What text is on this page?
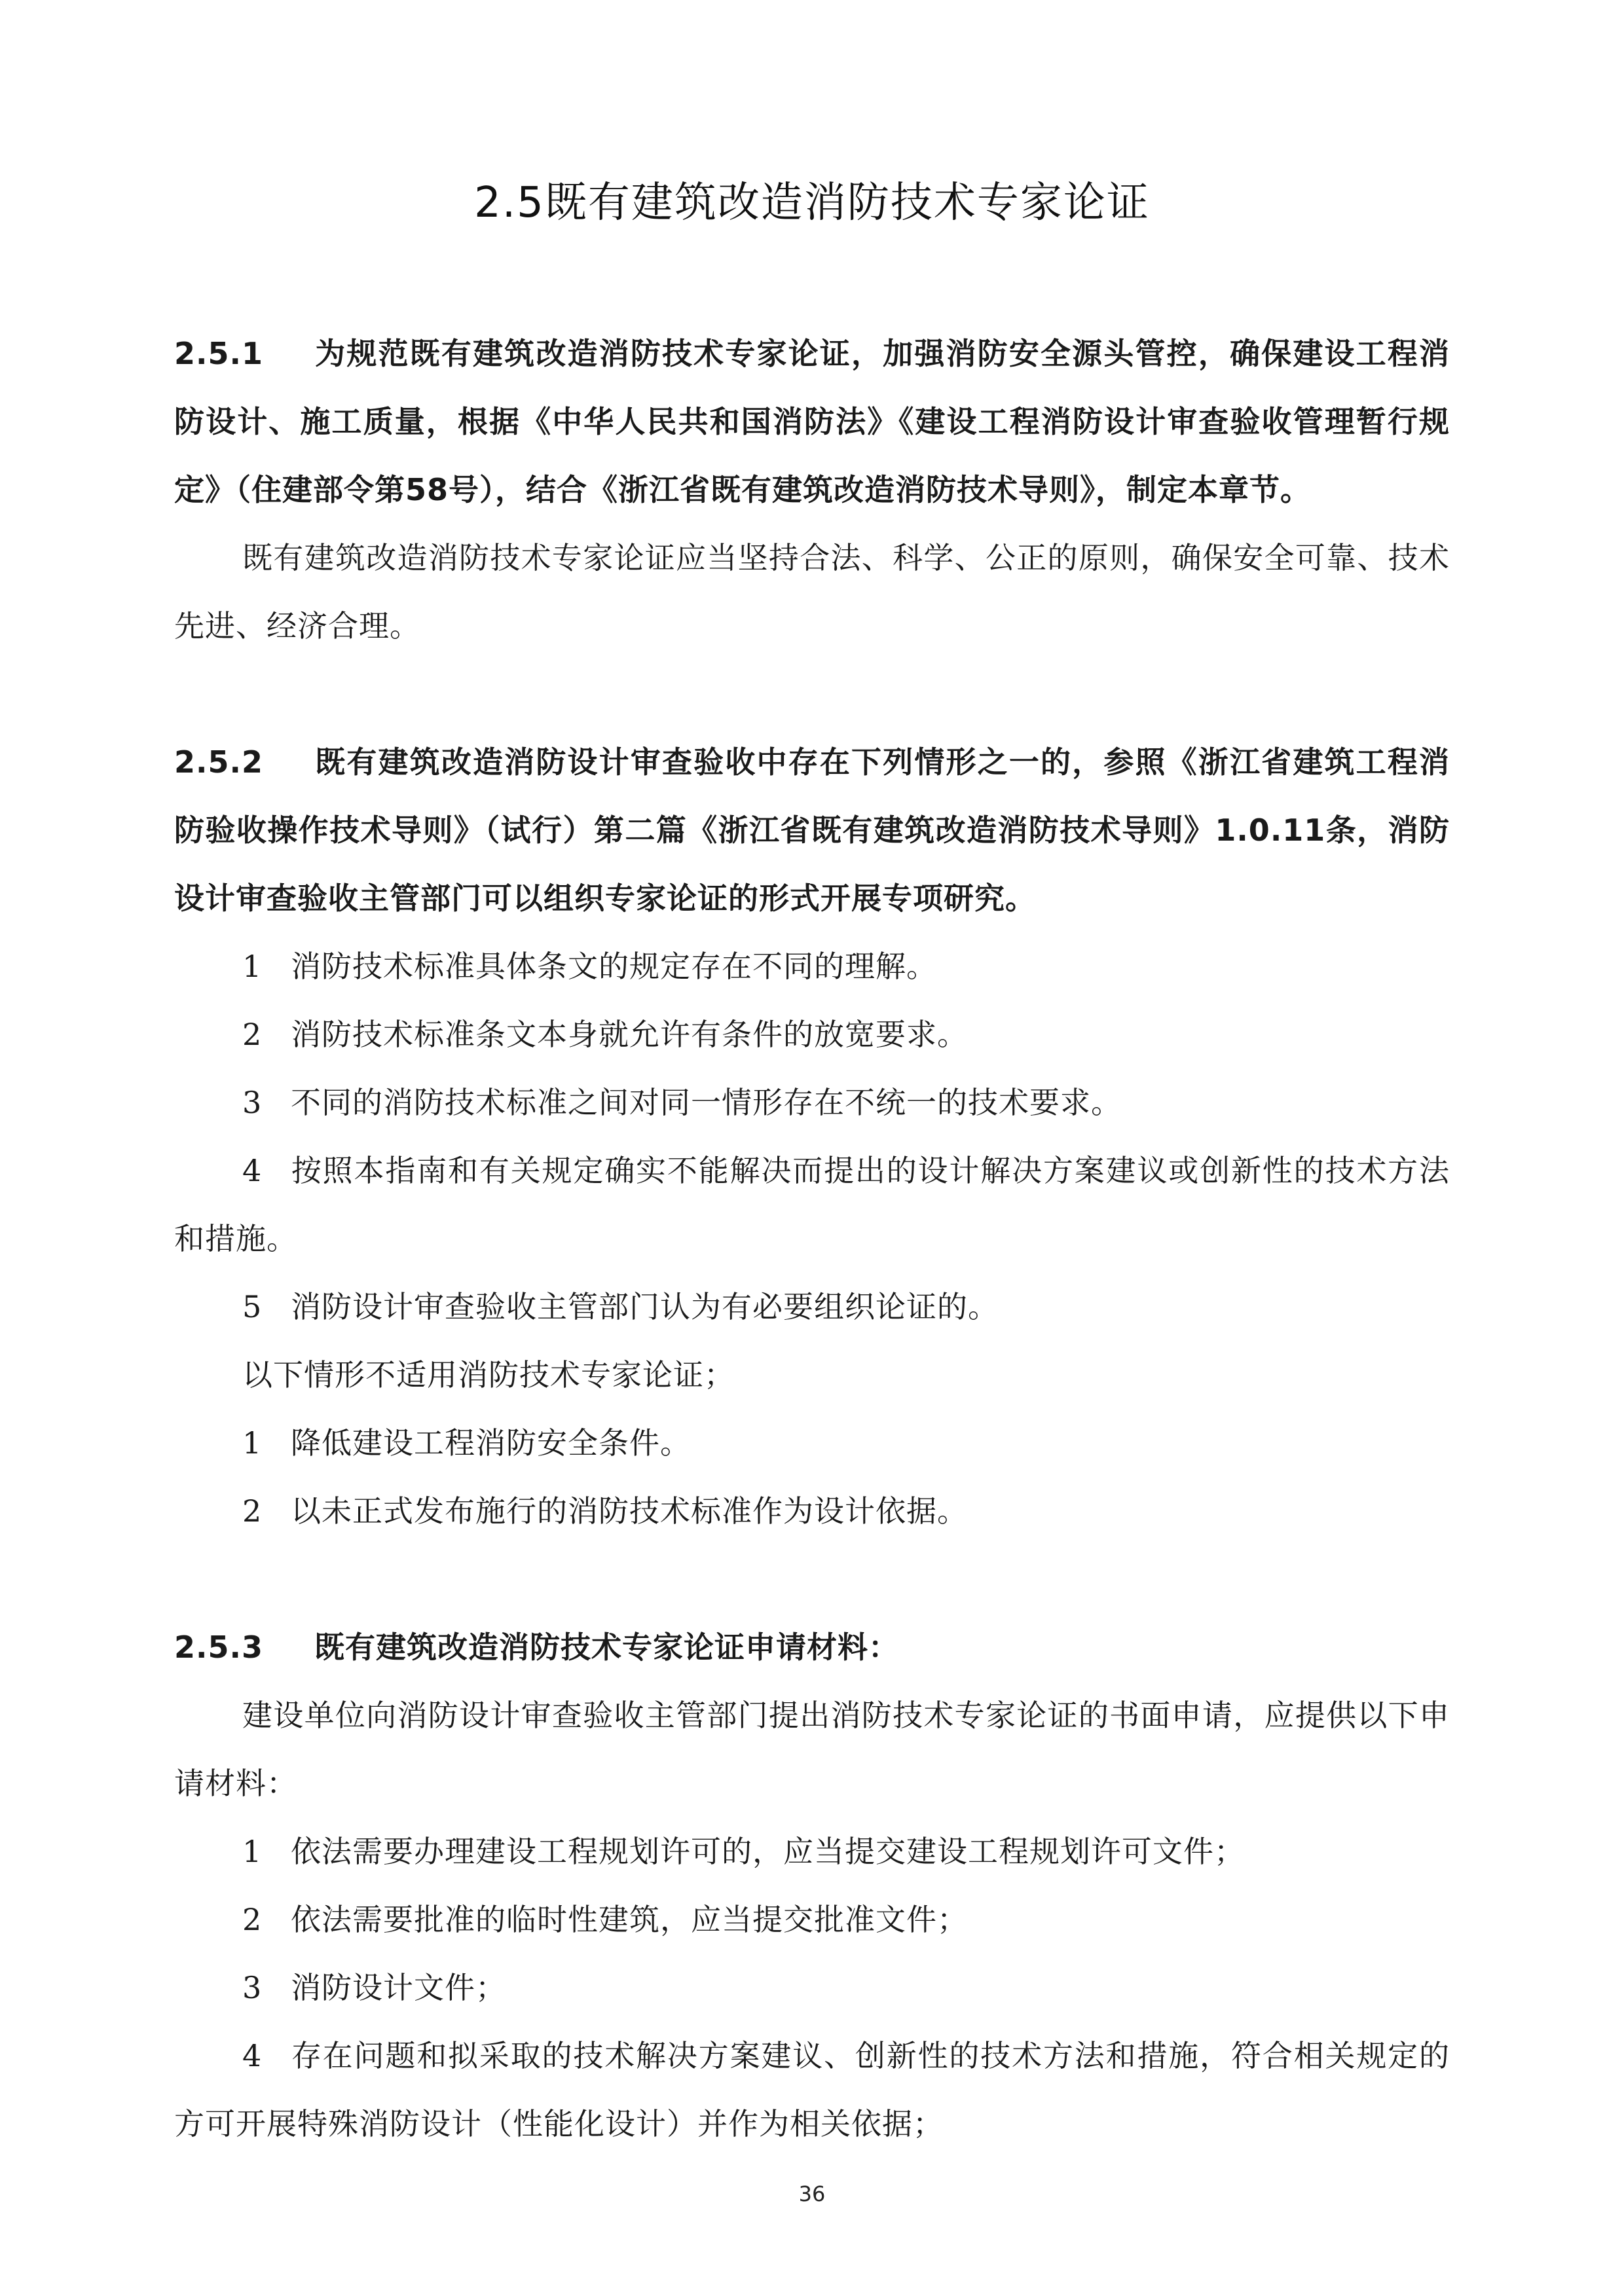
2.5既有建筑改造消防技术专家论证

2.5.1 为规范既有建筑改造消防技术专家论证，加强消防安全源头管控，确保建设工程消防设计、施工质量，根据《中华人民共和国消防法》《建设工程消防设计审查验收管理暂行规定》（住建部令第58号），结合《浙江省既有建筑改造消防技术导则》，制定本章节。

既有建筑改造消防技术专家论证应当坚持合法、科学、公正的原则，确保安全可靠、技术先进、经济合理。

2.5.2 既有建筑改造消防设计审查验收中存在下列情形之一的，参照《浙江省建筑工程消防验收操作技术导则》（试行）第二篇《浙江省既有建筑改造消防技术导则》1.0.11条，消防设计审查验收主管部门可以组织专家论证的形式开展专项研究。

1 消防技术标准具体条文的规定存在不同的理解。

2 消防技术标准条文本身就允许有条件的放宽要求。

3 不同的消防技术标准之间对同一情形存在不统一的技术要求。

4 按照本指南和有关规定确实不能解决而提出的设计解决方案建议或创新性的技术方法和措施。

5 消防设计审查验收主管部门认为有必要组织论证的。

以下情形不适用消防技术专家论证；

1 降低建设工程消防安全条件。

2 以未正式发布施行的消防技术标准作为设计依据。

2.5.3 既有建筑改造消防技术专家论证申请材料：

建设单位向消防设计审查验收主管部门提出消防技术专家论证的书面申请，应提供以下申请材料：

1 依法需要办理建设工程规划许可的，应当提交建设工程规划许可文件；

2 依法需要批准的临时性建筑，应当提交批准文件；

3 消防设计文件；

4 存在问题和拟采取的技术解决方案建议、创新性的技术方法和措施，符合相关规定的方可开展特殊消防设计（性能化设计）并作为相关依据；

36
